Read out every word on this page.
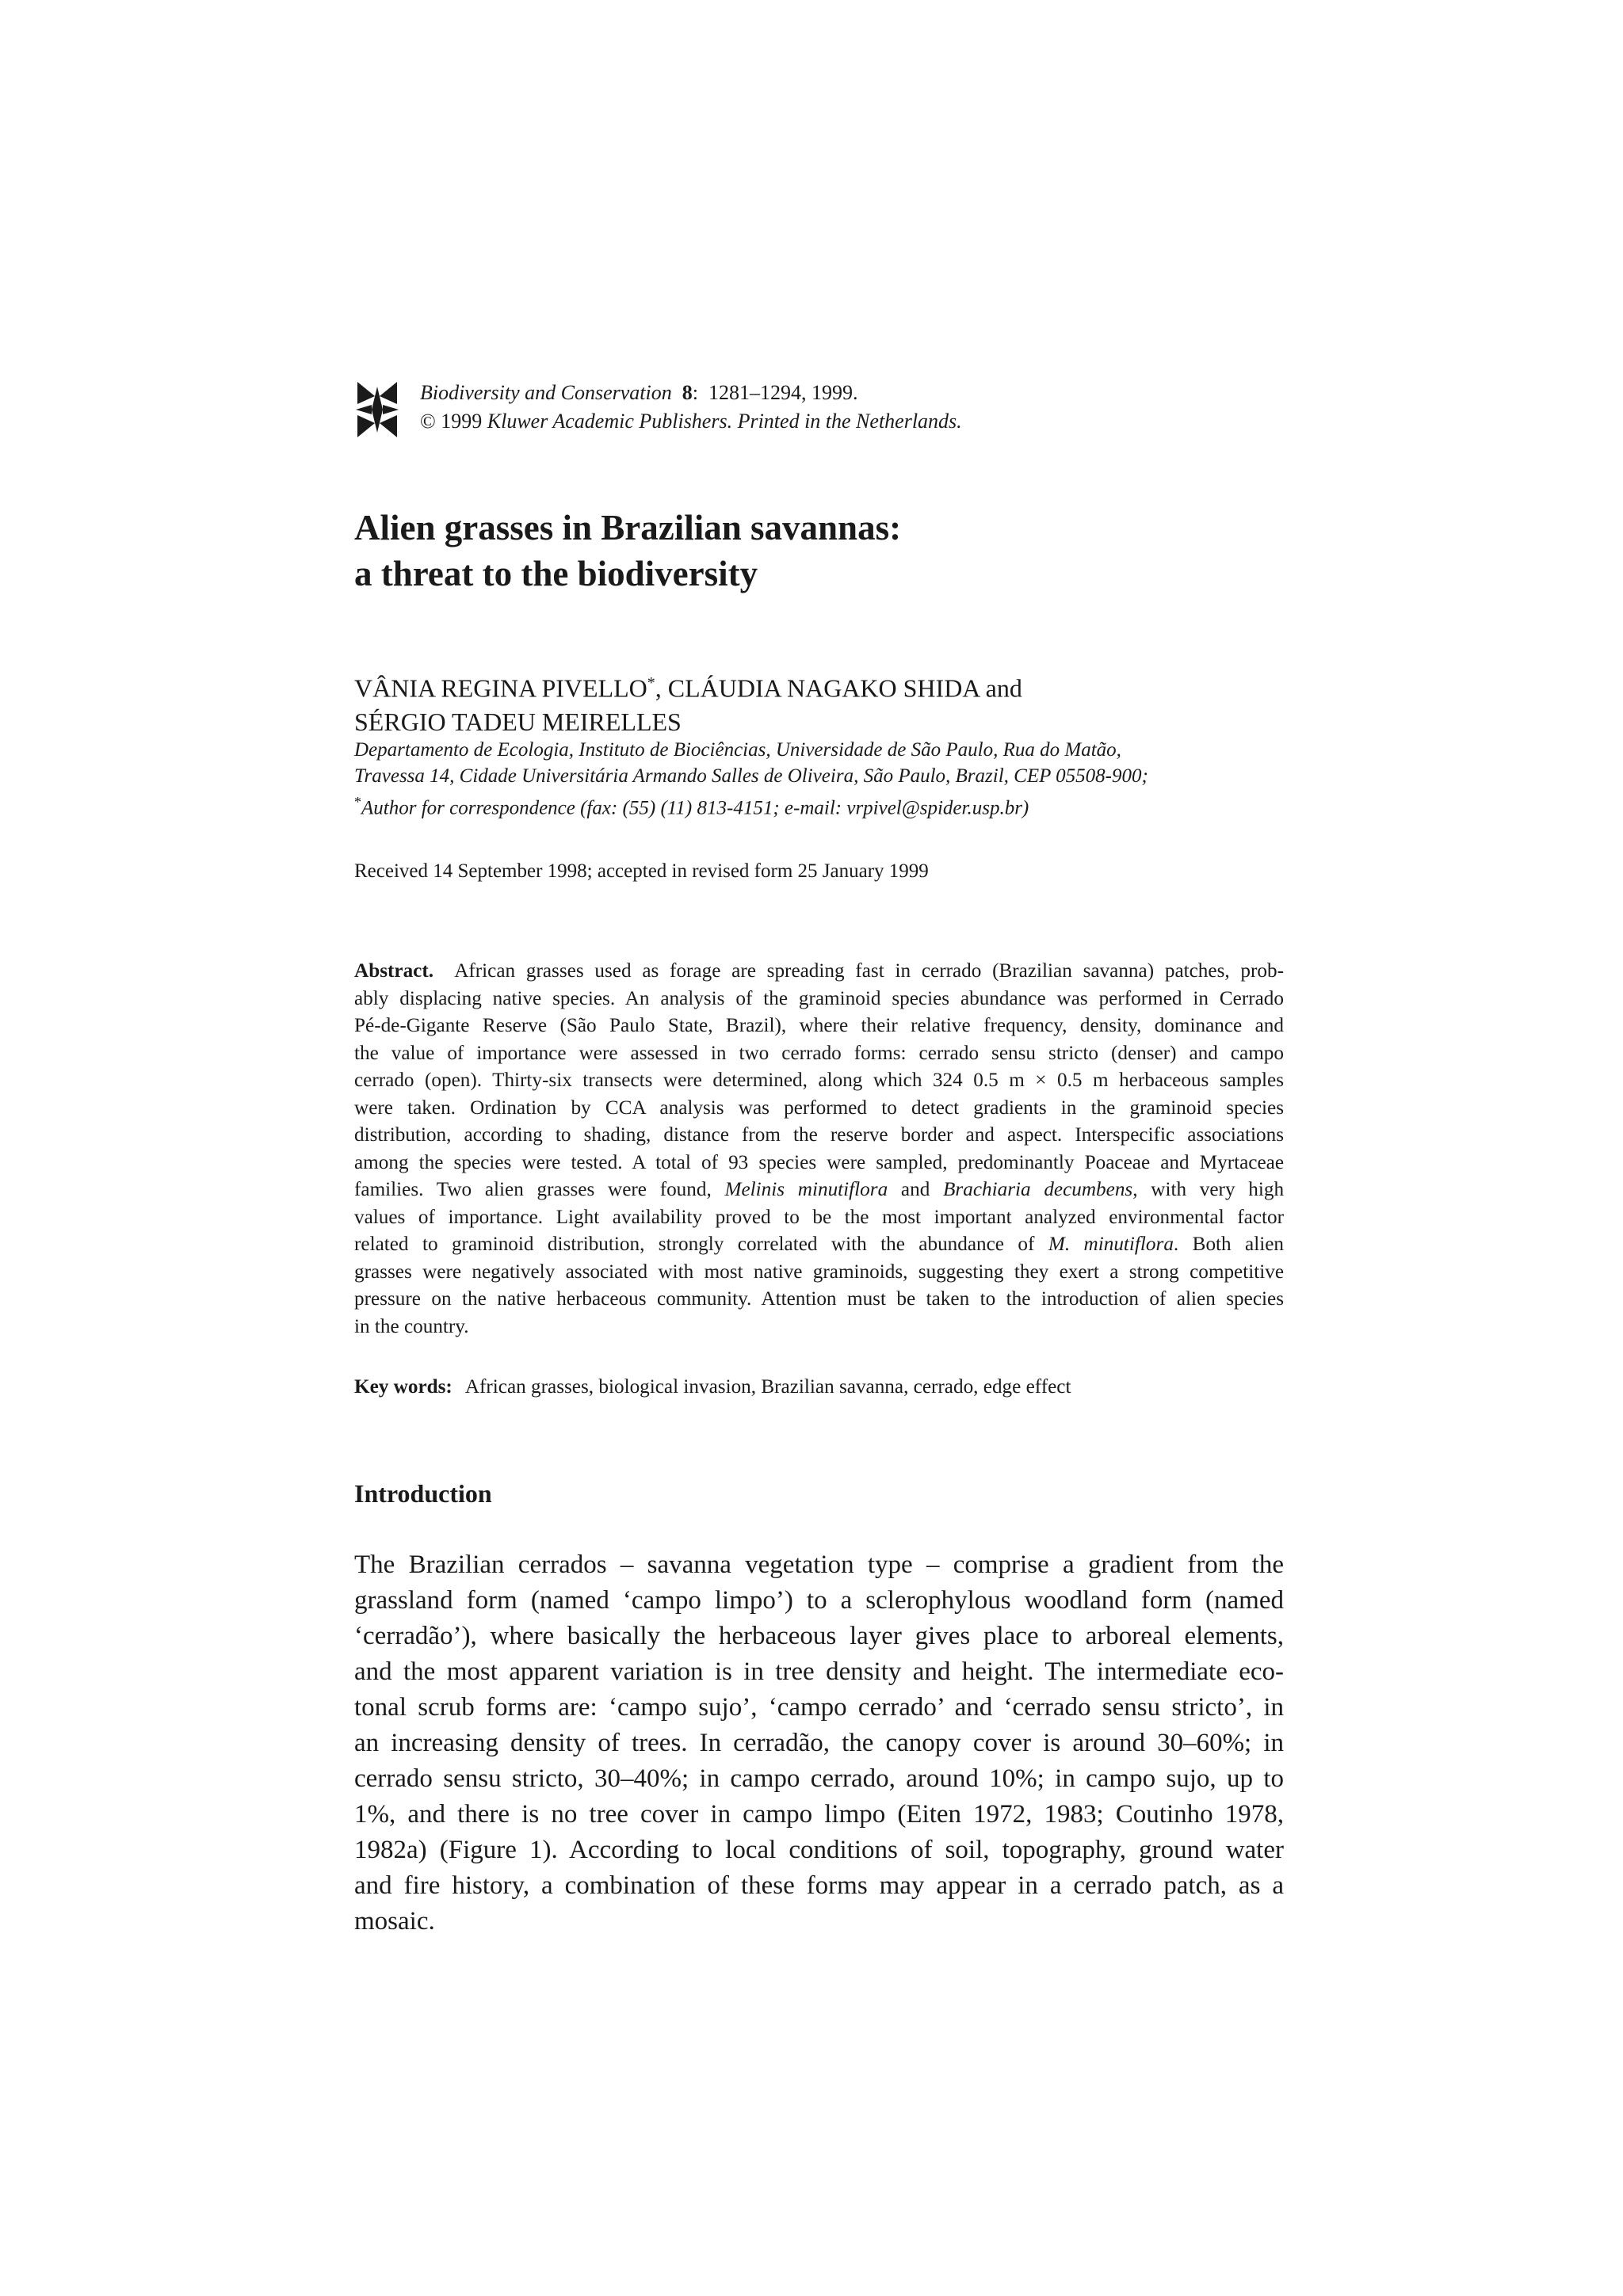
Biodiversity and Conservation 8:  1281–1294, 1999.
© 1999 Kluwer Academic Publishers. Printed in the Netherlands.
Alien grasses in Brazilian savannas:
a threat to the biodiversity
VÂNIA REGINA PIVELLO*, CLÁUDIA NAGAKO SHIDA and
SÉRGIO TADEU MEIRELLES
Departamento de Ecologia, Instituto de Biociências, Universidade de São Paulo, Rua do Matão,
Travessa 14, Cidade Universitária Armando Salles de Oliveira, São Paulo, Brazil, CEP 05508-900;
*Author for correspondence (fax: (55) (11) 813-4151; e-mail: vrpivel@spider.usp.br)
Received 14 September 1998; accepted in revised form 25 January 1999
Abstract. African grasses used as forage are spreading fast in cerrado (Brazilian savanna) patches, prob-
ably displacing native species. An analysis of the graminoid species abundance was performed in Cerrado
Pé-de-Gigante Reserve (São Paulo State, Brazil), where their relative frequency, density, dominance and
the value of importance were assessed in two cerrado forms: cerrado sensu stricto (denser) and campo
cerrado (open). Thirty-six transects were determined, along which 324 0.5 m × 0.5 m herbaceous samples
were taken. Ordination by CCA analysis was performed to detect gradients in the graminoid species
distribution, according to shading, distance from the reserve border and aspect. Interspecific associations
among the species were tested. A total of 93 species were sampled, predominantly Poaceae and Myrtaceae
families. Two alien grasses were found, Melinis minutiflora and Brachiaria decumbens, with very high
values of importance. Light availability proved to be the most important analyzed environmental factor
related to graminoid distribution, strongly correlated with the abundance of M. minutiflora. Both alien
grasses were negatively associated with most native graminoids, suggesting they exert a strong competitive
pressure on the native herbaceous community. Attention must be taken to the introduction of alien species
in the country.
Key words: African grasses, biological invasion, Brazilian savanna, cerrado, edge effect
Introduction
The Brazilian cerrados – savanna vegetation type – comprise a gradient from the
grassland form (named ‘campo limpo’) to a sclerophylous woodland form (named
‘cerradão’), where basically the herbaceous layer gives place to arboreal elements,
and the most apparent variation is in tree density and height. The intermediate eco-
tonal scrub forms are: ‘campo sujo’, ‘campo cerrado’ and ‘cerrado sensu stricto’, in
an increasing density of trees. In cerradão, the canopy cover is around 30–60%; in
cerrado sensu stricto, 30–40%; in campo cerrado, around 10%; in campo sujo, up to
1%, and there is no tree cover in campo limpo (Eiten 1972, 1983; Coutinho 1978,
1982a) (Figure 1). According to local conditions of soil, topography, ground water
and fire history, a combination of these forms may appear in a cerrado patch, as a
mosaic.
